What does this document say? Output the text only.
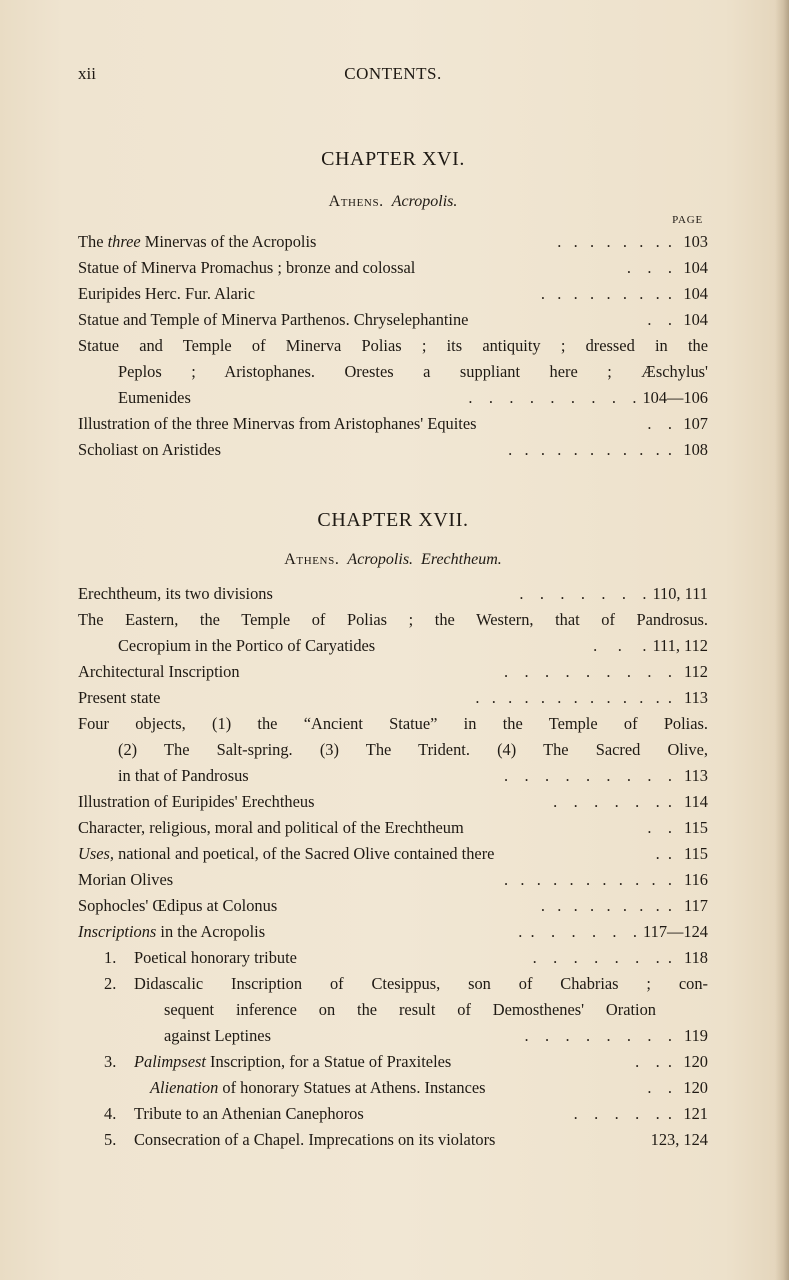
xii	CONTENTS.
CHAPTER XVI.
Athens. Acropolis.
PAGE
The three Minervas of the Acropolis	.   .   .   .   .   .   .  . 103
Statue of Minerva Promachus ; bronze and colossal	.    .    . 104
Euripides Herc. Fur. Alaric	.   .   .   .   .   .   .   .  . 104
Statue and Temple of Minerva Parthenos. Chryselephantine	.    . 104
Statue and Temple of Minerva Polias ; its antiquity ; dressed in the
Peplos ; Aristophanes. Orestes a suppliant here ; Æschylus'
Eumenides	.    .    .    .    .    .    .    .    . 104—106
Illustration of the three Minervas from Aristophanes' Equites	.    . 107
Scholiast on Aristides	.   .   .   .   .   .   .   .   .   .  . 108
CHAPTER XVII.
Athens. Acropolis. Erechtheum.
Erechtheum, its two divisions	.    .    .    .    .    .    . 110, 111
The Eastern, the Temple of Polias ; the Western, that of Pandrosus.
Cecropium in the Portico of Caryatides	.     .     . 111, 112
Architectural Inscription	.    .    .    .    .    .    .    .    . 112
Present state	.   .   .   .   .   .   .   .   .   .   .   .  . 113
Four objects, (1) the “Ancient Statue” in the Temple of Polias.
(2) The Salt-spring. (3) The Trident. (4) The Sacred Olive,
in that of Pandrosus	.    .    .    .    .    .    .    .    . 113
Illustration of Euripides' Erechtheus	.    .    .    .    .    .  . 114
Character, religious, moral and political of the Erechtheum	.    . 115
Uses, national and poetical, of the Sacred Olive contained there	.  . 115
Morian Olives	.   .   .   .   .   .   .   .   .   .   . 116
Sophocles' Œdipus at Colonus	.   .   .   .   .   .   .   .  . 117
Inscriptions in the Acropolis	.  .    .    .    .    .    . 117—124
1. Poetical honorary tribute	.    .    .    .    .    .    .  . 118
2. Didascalic Inscription of Ctesippus, son of Chabrias ; con-
sequent inference on the result of Demosthenes' Oration
against Leptines	.    .    .    .    .    .    .    . 119
3. Palimpsest Inscription, for a Statue of Praxiteles	.    .  . 120
Alienation of honorary Statues at Athens. Instances	.    . 120
4. Tribute to an Athenian Canephoros	.    .    .    .    .  . 121
5. Consecration of a Chapel. Imprecations on its violators	123, 124
